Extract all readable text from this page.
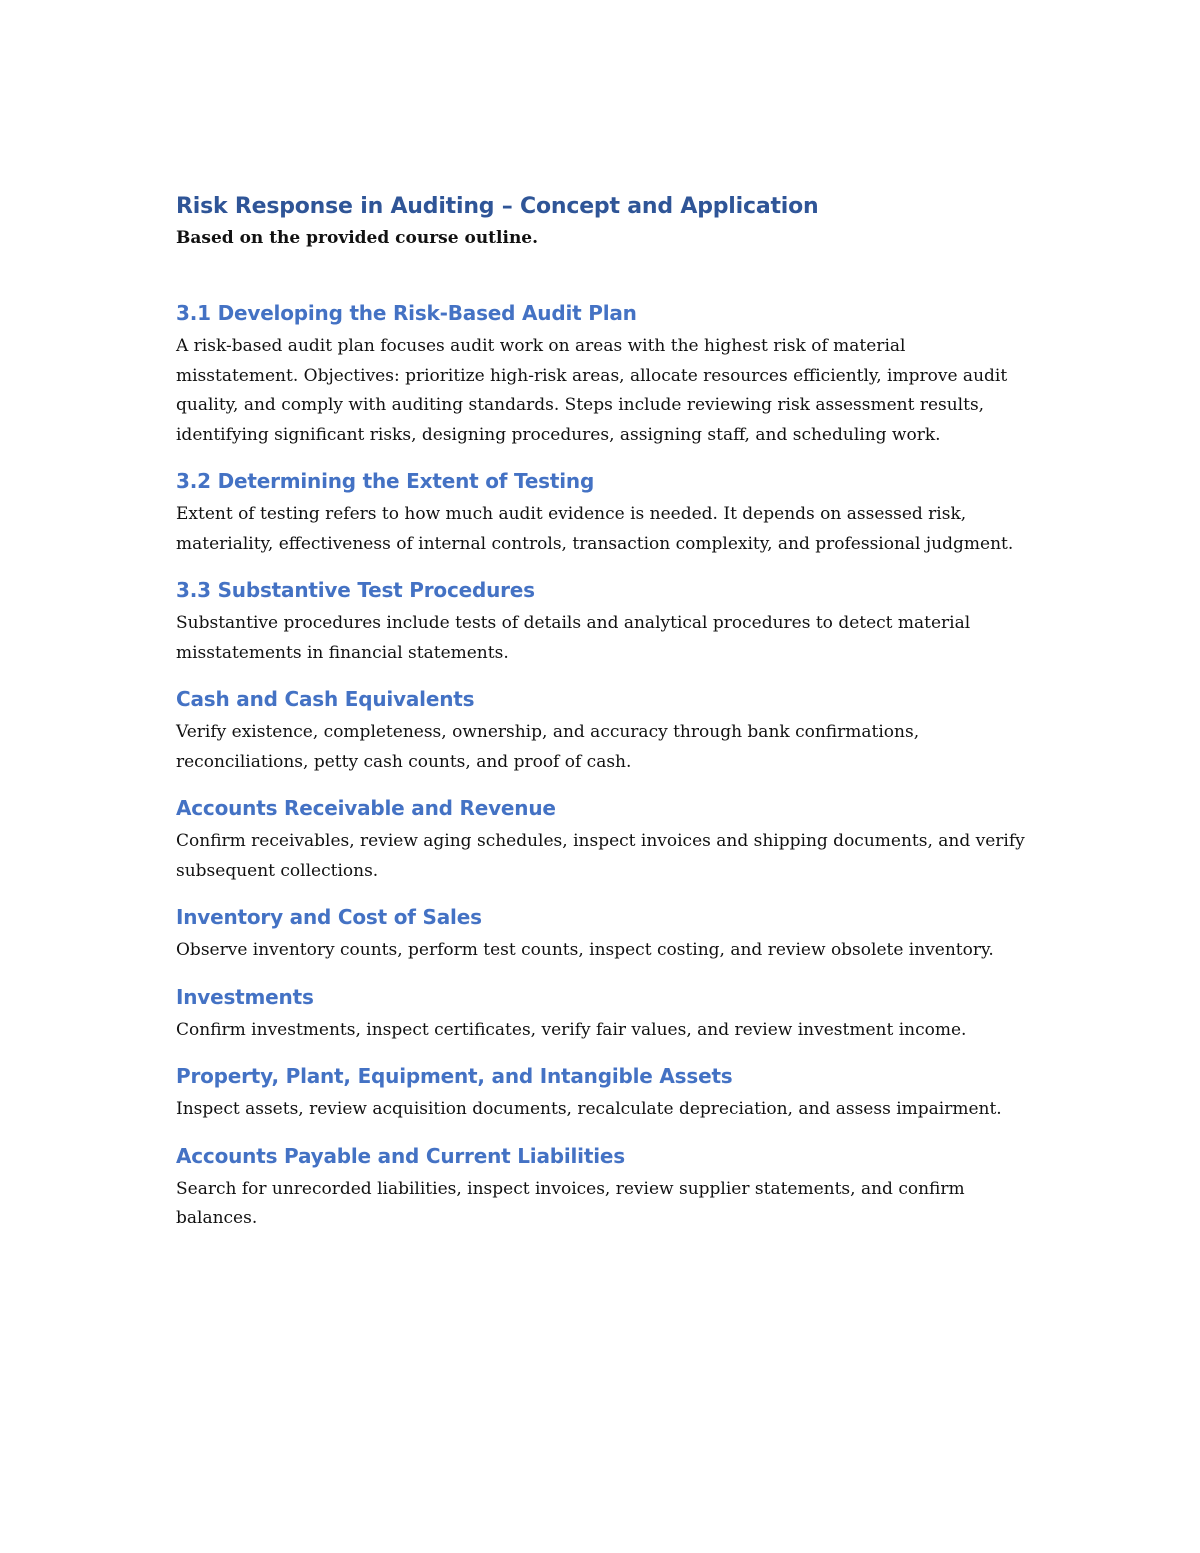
Risk Response in Auditing – Concept and Application

Based on the provided course outline.

3.1 Developing the Risk-Based Audit Plan

A risk-based audit plan focuses audit work on areas with the highest risk of material misstatement. Objectives: prioritize high-risk areas, allocate resources efficiently, improve audit quality, and comply with auditing standards. Steps include reviewing risk assessment results, identifying significant risks, designing procedures, assigning staff, and scheduling work.

3.2 Determining the Extent of Testing

Extent of testing refers to how much audit evidence is needed. It depends on assessed risk, materiality, effectiveness of internal controls, transaction complexity, and professional judgment.

3.3 Substantive Test Procedures

Substantive procedures include tests of details and analytical procedures to detect material misstatements in financial statements.

Cash and Cash Equivalents

Verify existence, completeness, ownership, and accuracy through bank confirmations, reconciliations, petty cash counts, and proof of cash.

Accounts Receivable and Revenue

Confirm receivables, review aging schedules, inspect invoices and shipping documents, and verify subsequent collections.

Inventory and Cost of Sales

Observe inventory counts, perform test counts, inspect costing, and review obsolete inventory.

Investments

Confirm investments, inspect certificates, verify fair values, and review investment income.

Property, Plant, Equipment, and Intangible Assets

Inspect assets, review acquisition documents, recalculate depreciation, and assess impairment.

Accounts Payable and Current Liabilities

Search for unrecorded liabilities, inspect invoices, review supplier statements, and confirm balances.
